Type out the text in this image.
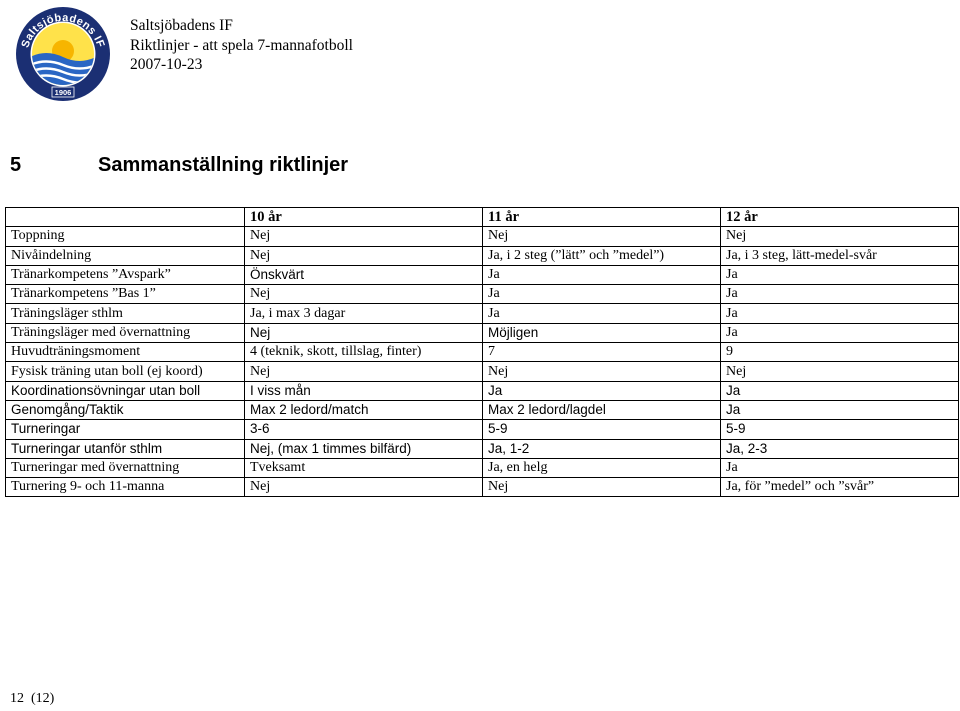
Saltsjöbadens IF
1906
Saltsjöbadens IF
Riktlinjer - att spela 7-mannafotboll
2007-10-23
5	Sammanställning riktlinjer
	10 år	11 år	12 år
Toppning	Nej	Nej	Nej
Nivåindelning	Nej	Ja, i 2 steg (”lätt” och ”medel”)	Ja, i 3 steg, lätt-medel-svår
Tränarkompetens ”Avspark”	Önskvärt	Ja	Ja
Tränarkompetens ”Bas 1”	Nej	Ja	Ja
Träningsläger sthlm	Ja, i max 3 dagar	Ja	Ja
Träningsläger med övernattning	Nej	Möjligen	Ja
Huvudträningsmoment	4 (teknik, skott, tillslag, finter)	7	9
Fysisk träning utan boll (ej koord)	Nej	Nej	Nej
Koordinationsövningar utan boll	I viss mån	Ja	Ja
Genomgång/Taktik	Max 2 ledord/match	Max 2 ledord/lagdel	Ja
Turneringar	3-6	5-9	5-9
Turneringar utanför sthlm	Nej, (max 1 timmes bilfärd)	Ja, 1-2	Ja, 2-3
Turneringar med övernattning	Tveksamt	Ja, en helg	Ja
Turnering 9- och 11-manna	Nej	Nej	Ja, för ”medel” och ”svår”
12  (12)
